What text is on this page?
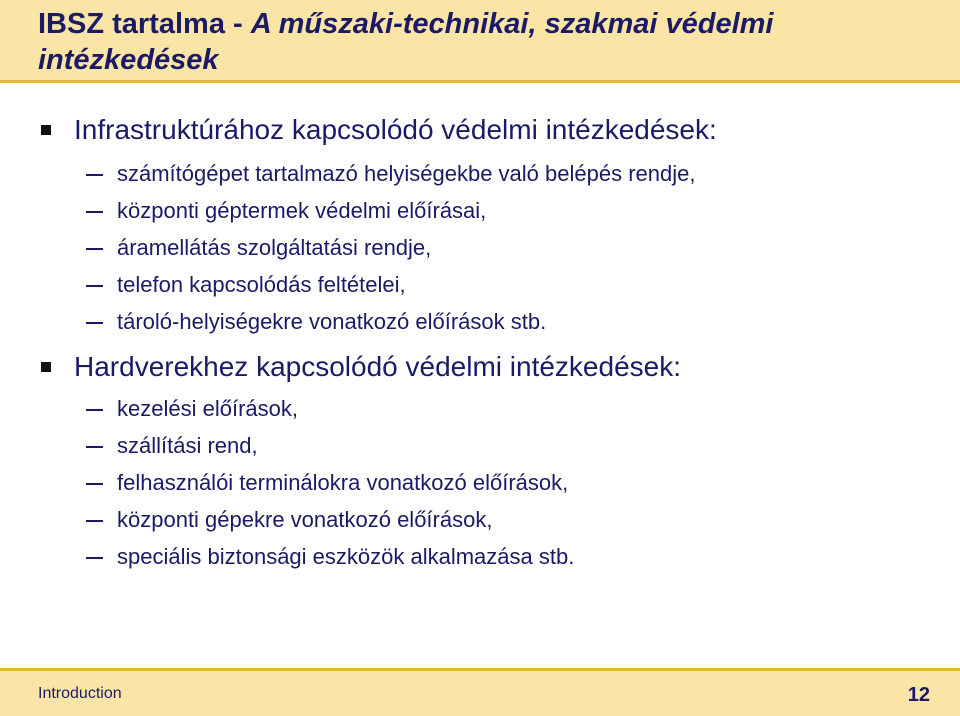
IBSZ tartalma - A műszaki-technikai, szakmai védelmi intézkedések
Infrastruktúrához kapcsolódó védelmi intézkedések:
számítógépet tartalmazó helyiségekbe való belépés rendje,
központi géptermek védelmi előírásai,
áramellátás szolgáltatási rendje,
telefon kapcsolódás feltételei,
tároló-helyiségekre vonatkozó előírások stb.
Hardverekhez kapcsolódó védelmi intézkedések:
kezelési előírások,
szállítási rend,
felhasználói terminálokra vonatkozó előírások,
központi gépekre vonatkozó előírások,
speciális biztonsági eszközök alkalmazása stb.
Introduction	12
